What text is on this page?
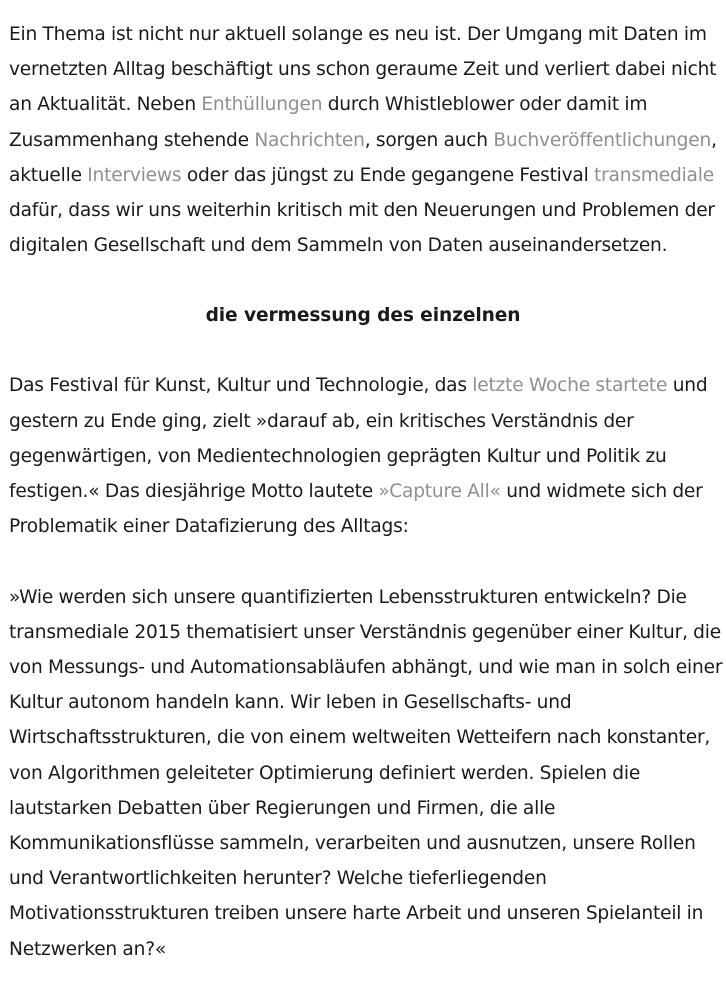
Ein Thema ist nicht nur aktuell solange es neu ist. Der Umgang mit Daten im vernetzten Alltag beschäftigt uns schon geraume Zeit und verliert dabei nicht an Aktualität. Neben Enthüllungen durch Whistleblower oder damit im Zusammenhang stehende Nachrichten, sorgen auch Buchveröffentlichungen, aktuelle Interviews oder das jüngst zu Ende gegangene Festival transmediale dafür, dass wir uns weiterhin kritisch mit den Neuerungen und Problemen der digitalen Gesellschaft und dem Sammeln von Daten auseinandersetzen.

die vermessung des einzelnen

Das Festival für Kunst, Kultur und Technologie, das letzte Woche startete und gestern zu Ende ging, zielt »darauf ab, ein kritisches Verständnis der gegenwärtigen, von Medientechnologien geprägten Kultur und Politik zu festigen.« Das diesjährige Motto lautete »Capture All« und widmete sich der Problematik einer Datafizierung des Alltags:

»Wie werden sich unsere quantifizierten Lebensstrukturen entwickeln? Die transmediale 2015 thematisiert unser Verständnis gegenüber einer Kultur, die von Messungs- und Automationsabläufen abhängt, und wie man in solch einer Kultur autonom handeln kann. Wir leben in Gesellschafts- und Wirtschaftsstrukturen, die von einem weltweiten Wetteifern nach konstanter, von Algorithmen geleiteter Optimierung definiert werden. Spielen die lautstarken Debatten über Regierungen und Firmen, die alle Kommunikationsflüsse sammeln, verarbeiten und ausnutzen, unsere Rollen und Verantwortlichkeiten herunter? Welche tieferliegenden Motivationsstrukturen treiben unsere harte Arbeit und unseren Spielanteil in Netzwerken an?«
